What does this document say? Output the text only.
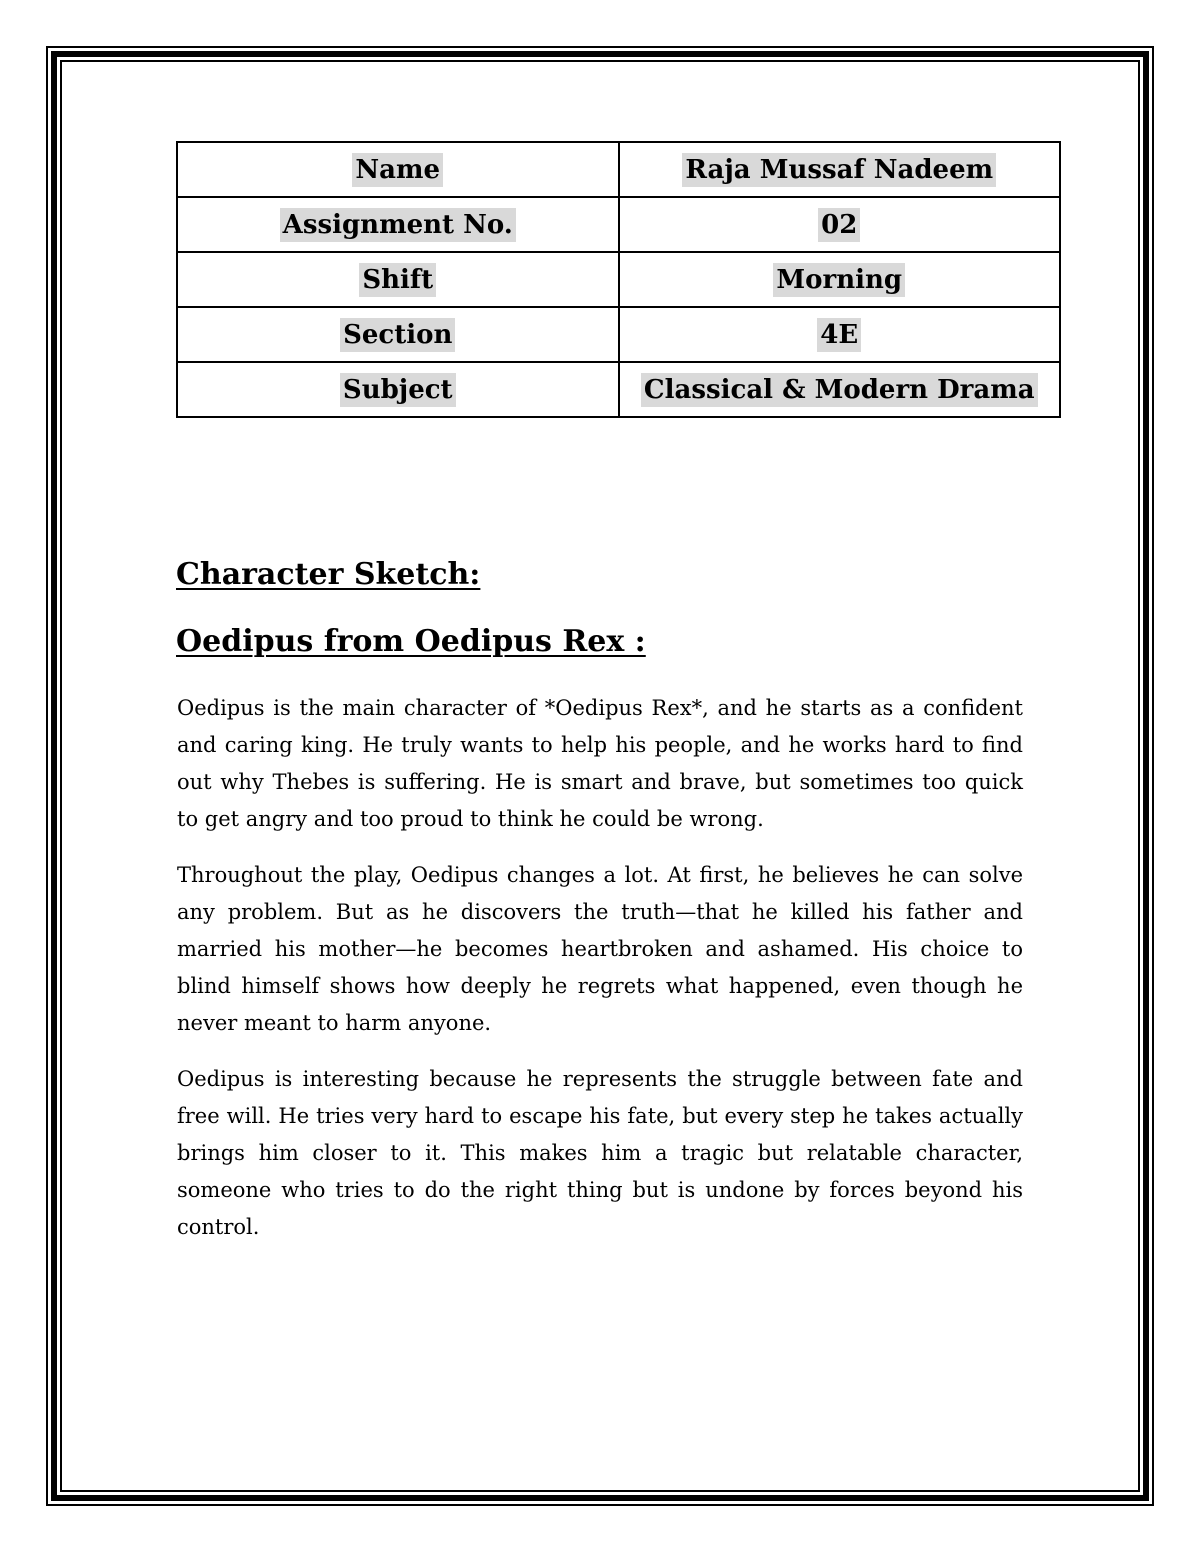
Name	Raja Mussaf Nadeem
Assignment No.	02
Shift	Morning
Section	4E
Subject	Classical & Modern Drama
Character Sketch:
Oedipus from Oedipus Rex :

Oedipus is the main character of *Oedipus Rex*, and he starts as a confident and caring king. He truly wants to help his people, and he works hard to find out why Thebes is suffering. He is smart and brave, but sometimes too quick to get angry and too proud to think he could be wrong.

Throughout the play, Oedipus changes a lot. At first, he believes he can solve any problem. But as he discovers the truth—that he killed his father and married his mother—he becomes heartbroken and ashamed. His choice to blind himself shows how deeply he regrets what happened, even though he never meant to harm anyone.

Oedipus is interesting because he represents the struggle between fate and free will. He tries very hard to escape his fate, but every step he takes actually brings him closer to it. This makes him a tragic but relatable character, someone who tries to do the right thing but is undone by forces beyond his control.
